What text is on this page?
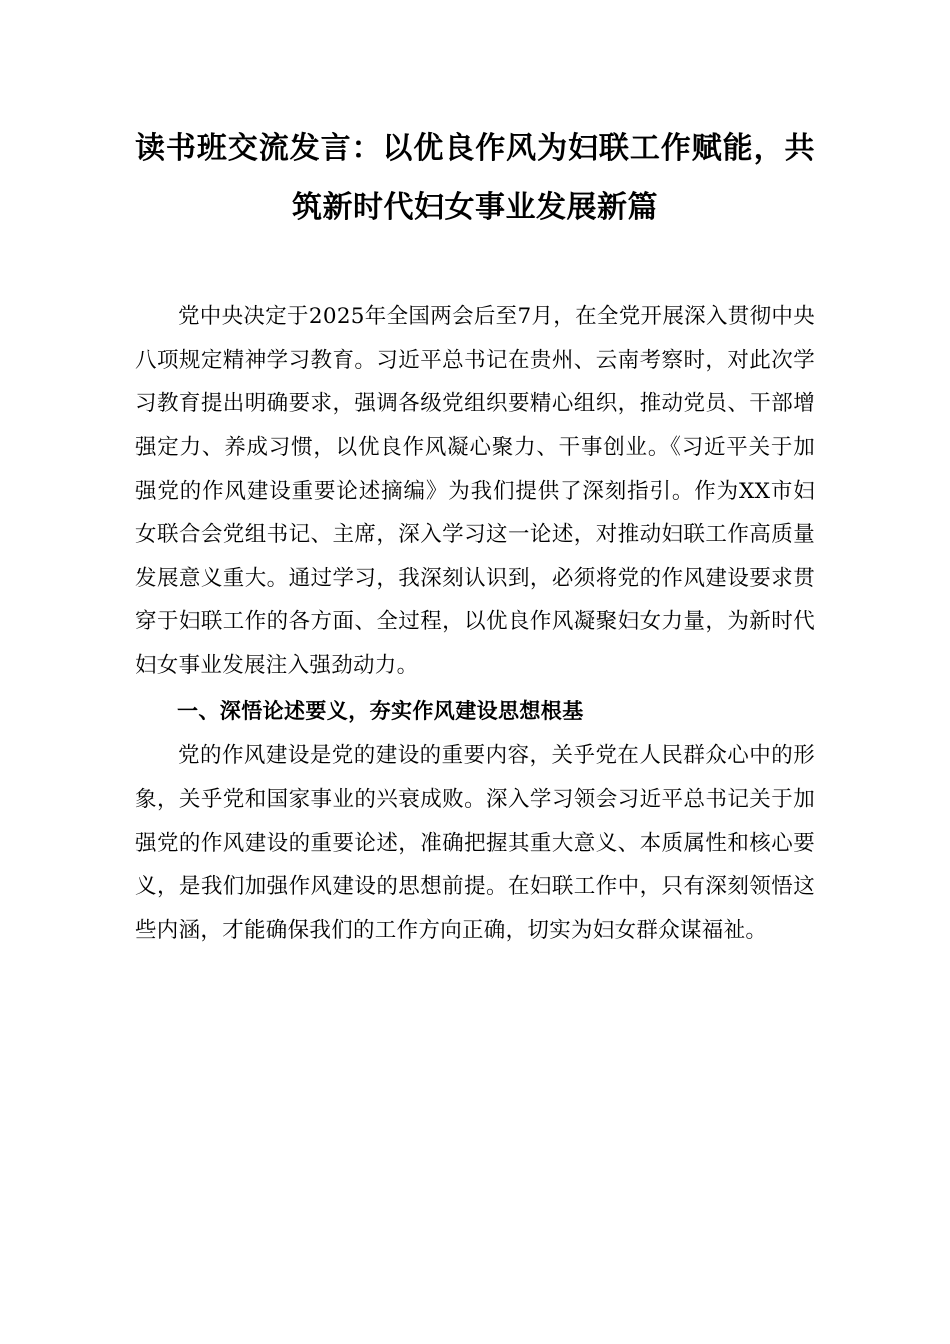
读书班交流发言：以优良作风为妇联工作赋能，共筑新时代妇女事业发展新篇

党中央决定于2025年全国两会后至7月，在全党开展深入贯彻中央八项规定精神学习教育。习近平总书记在贵州、云南考察时，对此次学习教育提出明确要求，强调各级党组织要精心组织，推动党员、干部增强定力、养成习惯，以优良作风凝心聚力、干事创业。《习近平关于加强党的作风建设重要论述摘编》为我们提供了深刻指引。作为XX市妇女联合会党组书记、主席，深入学习这一论述，对推动妇联工作高质量发展意义重大。通过学习，我深刻认识到，必须将党的作风建设要求贯穿于妇联工作的各方面、全过程，以优良作风凝聚妇女力量，为新时代妇女事业发展注入强劲动力。

一、深悟论述要义，夯实作风建设思想根基

党的作风建设是党的建设的重要内容，关乎党在人民群众心中的形象，关乎党和国家事业的兴衰成败。深入学习领会习近平总书记关于加强党的作风建设的重要论述，准确把握其重大意义、本质属性和核心要义，是我们加强作风建设的思想前提。在妇联工作中，只有深刻领悟这些内涵，才能确保我们的工作方向正确，切实为妇女群众谋福祉。
